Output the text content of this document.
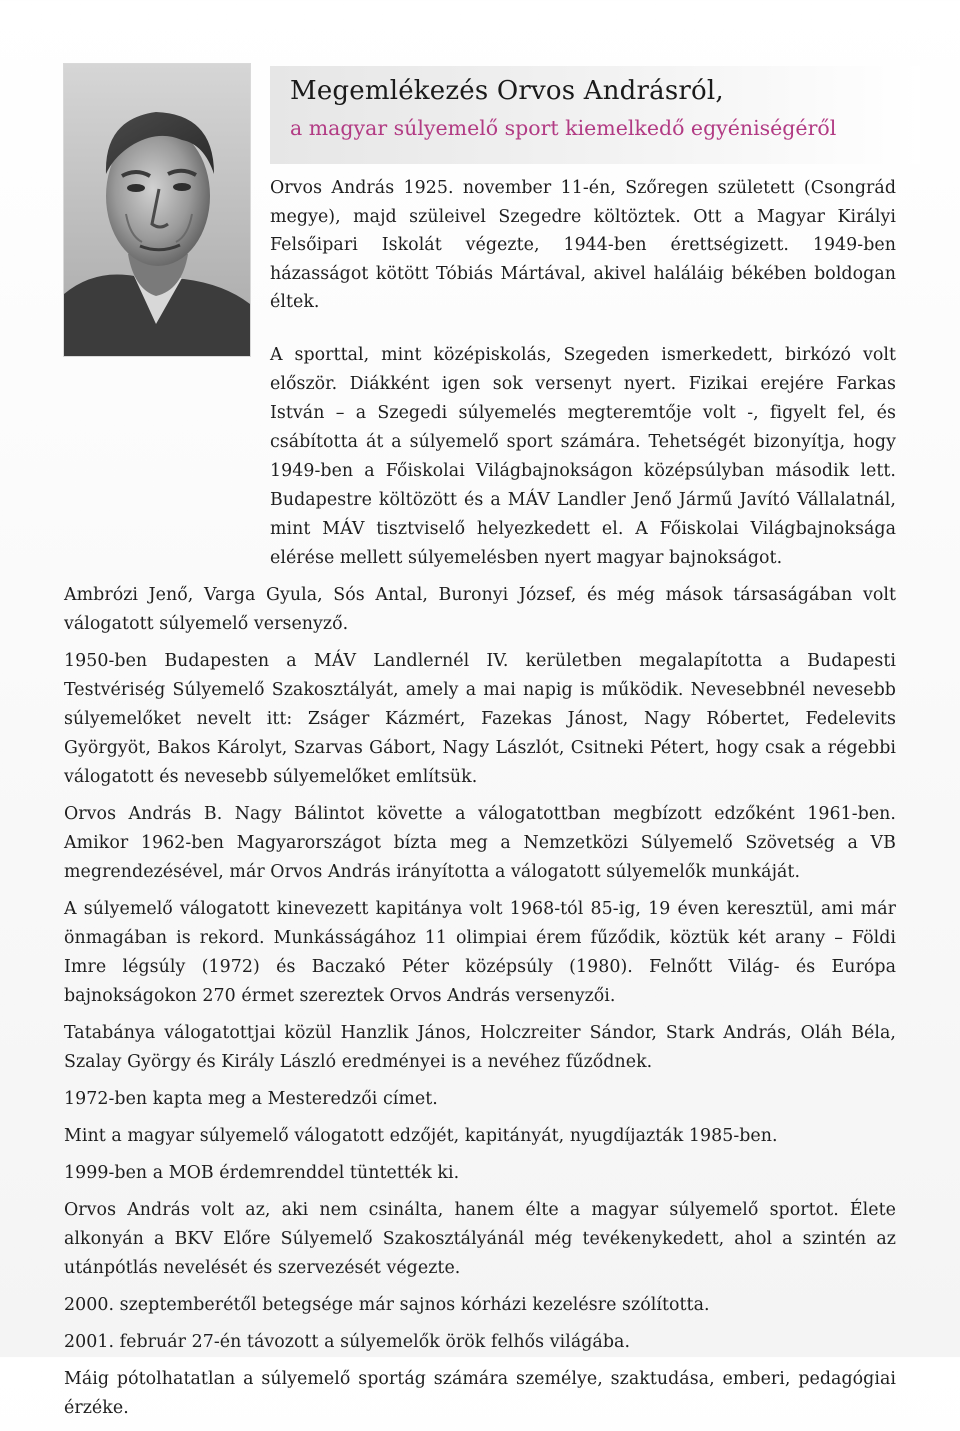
Megemlékezés Orvos Andrásról,
a magyar súlyemelő sport kiemelkedő egyéniségéről

Orvos András 1925. november 11-én, Szőregen született (Csongrád megye), majd szüleivel Szegedre költöztek. Ott a Magyar Királyi Felsőipari Iskolát végezte, 1944-ben érettségizett. 1949-ben házasságot kötött Tóbiás Mártával, akivel haláláig békében boldogan éltek.

A sporttal, mint középiskolás, Szegeden ismerkedett, birkózó volt először. Diákként igen sok versenyt nyert. Fizikai erejére Farkas István – a Szegedi súlyemelés megteremtője volt -, figyelt fel, és csábította át a súlyemelő sport számára. Tehetségét bizonyítja, hogy 1949-ben a Főiskolai Világbajnokságon középsúlyban második lett. Budapestre költözött és a MÁV Landler Jenő Jármű Javító Vállalatnál, mint MÁV tisztviselő helyezkedett el. A Főiskolai Világbajnoksága elérése mellett súlyemelésben nyert magyar bajnokságot.

Ambrózi Jenő, Varga Gyula, Sós Antal, Buronyi József, és még mások társaságában volt válogatott súlyemelő versenyző.

1950-ben Budapesten a MÁV Landlernél IV. kerületben megalapította a Budapesti Testvériség Súlyemelő Szakosztályát, amely a mai napig is működik. Nevesebbnél nevesebb súlyemelőket nevelt itt: Zságer Kázmért, Fazekas Jánost, Nagy Róbertet, Fedelevits Györgyöt, Bakos Károlyt, Szarvas Gábort, Nagy Lászlót, Csitneki Pétert, hogy csak a régebbi válogatott és nevesebb súlyemelőket említsük.

Orvos András B. Nagy Bálintot követte a válogatottban megbízott edzőként 1961-ben. Amikor 1962-ben Magyarországot bízta meg a Nemzetközi Súlyemelő Szövetség a VB megrendezésével, már Orvos András irányította a válogatott súlyemelők munkáját.

A súlyemelő válogatott kinevezett kapitánya volt 1968-tól 85-ig, 19 éven keresztül, ami már önmagában is rekord. Munkásságához 11 olimpiai érem fűződik, köztük két arany – Földi Imre légsúly (1972) és Baczakó Péter középsúly (1980). Felnőtt Világ- és Európa bajnokságokon 270 érmet szereztek Orvos András versenyzői.

Tatabánya válogatottjai közül Hanzlik János, Holczreiter Sándor, Stark András, Oláh Béla, Szalay György és Király László eredményei is a nevéhez fűződnek.

1972-ben kapta meg a Mesteredzői címet.

Mint a magyar súlyemelő válogatott edzőjét, kapitányát, nyugdíjazták 1985-ben.

1999-ben a MOB érdemrenddel tüntették ki.

Orvos András volt az, aki nem csinálta, hanem élte a magyar súlyemelő sportot. Élete alkonyán a BKV Előre Súlyemelő Szakosztályánál még tevékenykedett, ahol a szintén az utánpótlás nevelését és szervezését végezte.

2000. szeptemberétől betegsége már sajnos kórházi kezelésre szólította.

2001. február 27-én távozott a súlyemelők örök felhős világába.

Máig pótolhatatlan a súlyemelő sportág számára személye, szaktudása, emberi, pedagógiai érzéke.
